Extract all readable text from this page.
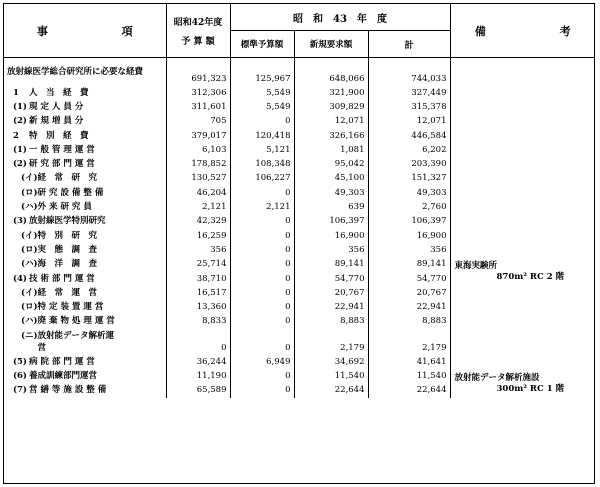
事 項	昭和42年度
予 算 額	昭　和　43　年　度			備 考
		標準予算額	新規要求額	計	
放射線医学総合研究所に必要な経費	691,323	125,967	648,066	744,033	
1 人　当　経　費	312,306	5,549	321,900	327,449	
(1) 現 定 人 員 分	311,601	5,549	309,829	315,378	
(2) 新 規 増 員 分	705	0	12,071	12,071	
2 特　別　経　費	379,017	120,418	326,166	446,584	
(1) 一 般 管 理 運 営	6,103	5,121	1,081	6,202	
(2) 研 究 部 門 運 営	178,852	108,348	95,042	203,390	
(イ)経　常　研　究	130,527	106,227	45,100	151,327	
(ロ)研 究 設 備 整 備	46,204	0	49,303	49,303	
(ハ)外 来 研 究 員	2,121	2,121	639	2,760	
(3) 放射線医学特別研究	42,329	0	106,397	106,397	
(イ)特　別　研　究	16,259	0	16,900	16,900	
(ロ)実　態　調　査	356	0	356	356	
(ハ)海　洋　調　査	25,714	0	89,141	89,141	東海実験所

(4) 技 術 部 門 運 営	38,710	0	54,770	54,770	870m² RC 2 階

(イ)経　常　運　営	16,517	0	20,767	20,767	
(ロ)特 定 装 置 運 営	13,360	0	22,941	22,941	
(ハ)廃 棄 物 処 理 運 営	8,833	0	8,883	8,883	
(ニ)放射能データ解析運営	0	0	2,179	2,179	
(5) 病 院 部 門 運 営	36,244	6,949	34,692	41,641	
(6) 養成訓練部門運営	11,190	0	11,540	11,540	放射能データ解析施設

(7) 営 繕 等 施 設 整 備	65,589	0	22,644	22,644	300m² RC 1 階
